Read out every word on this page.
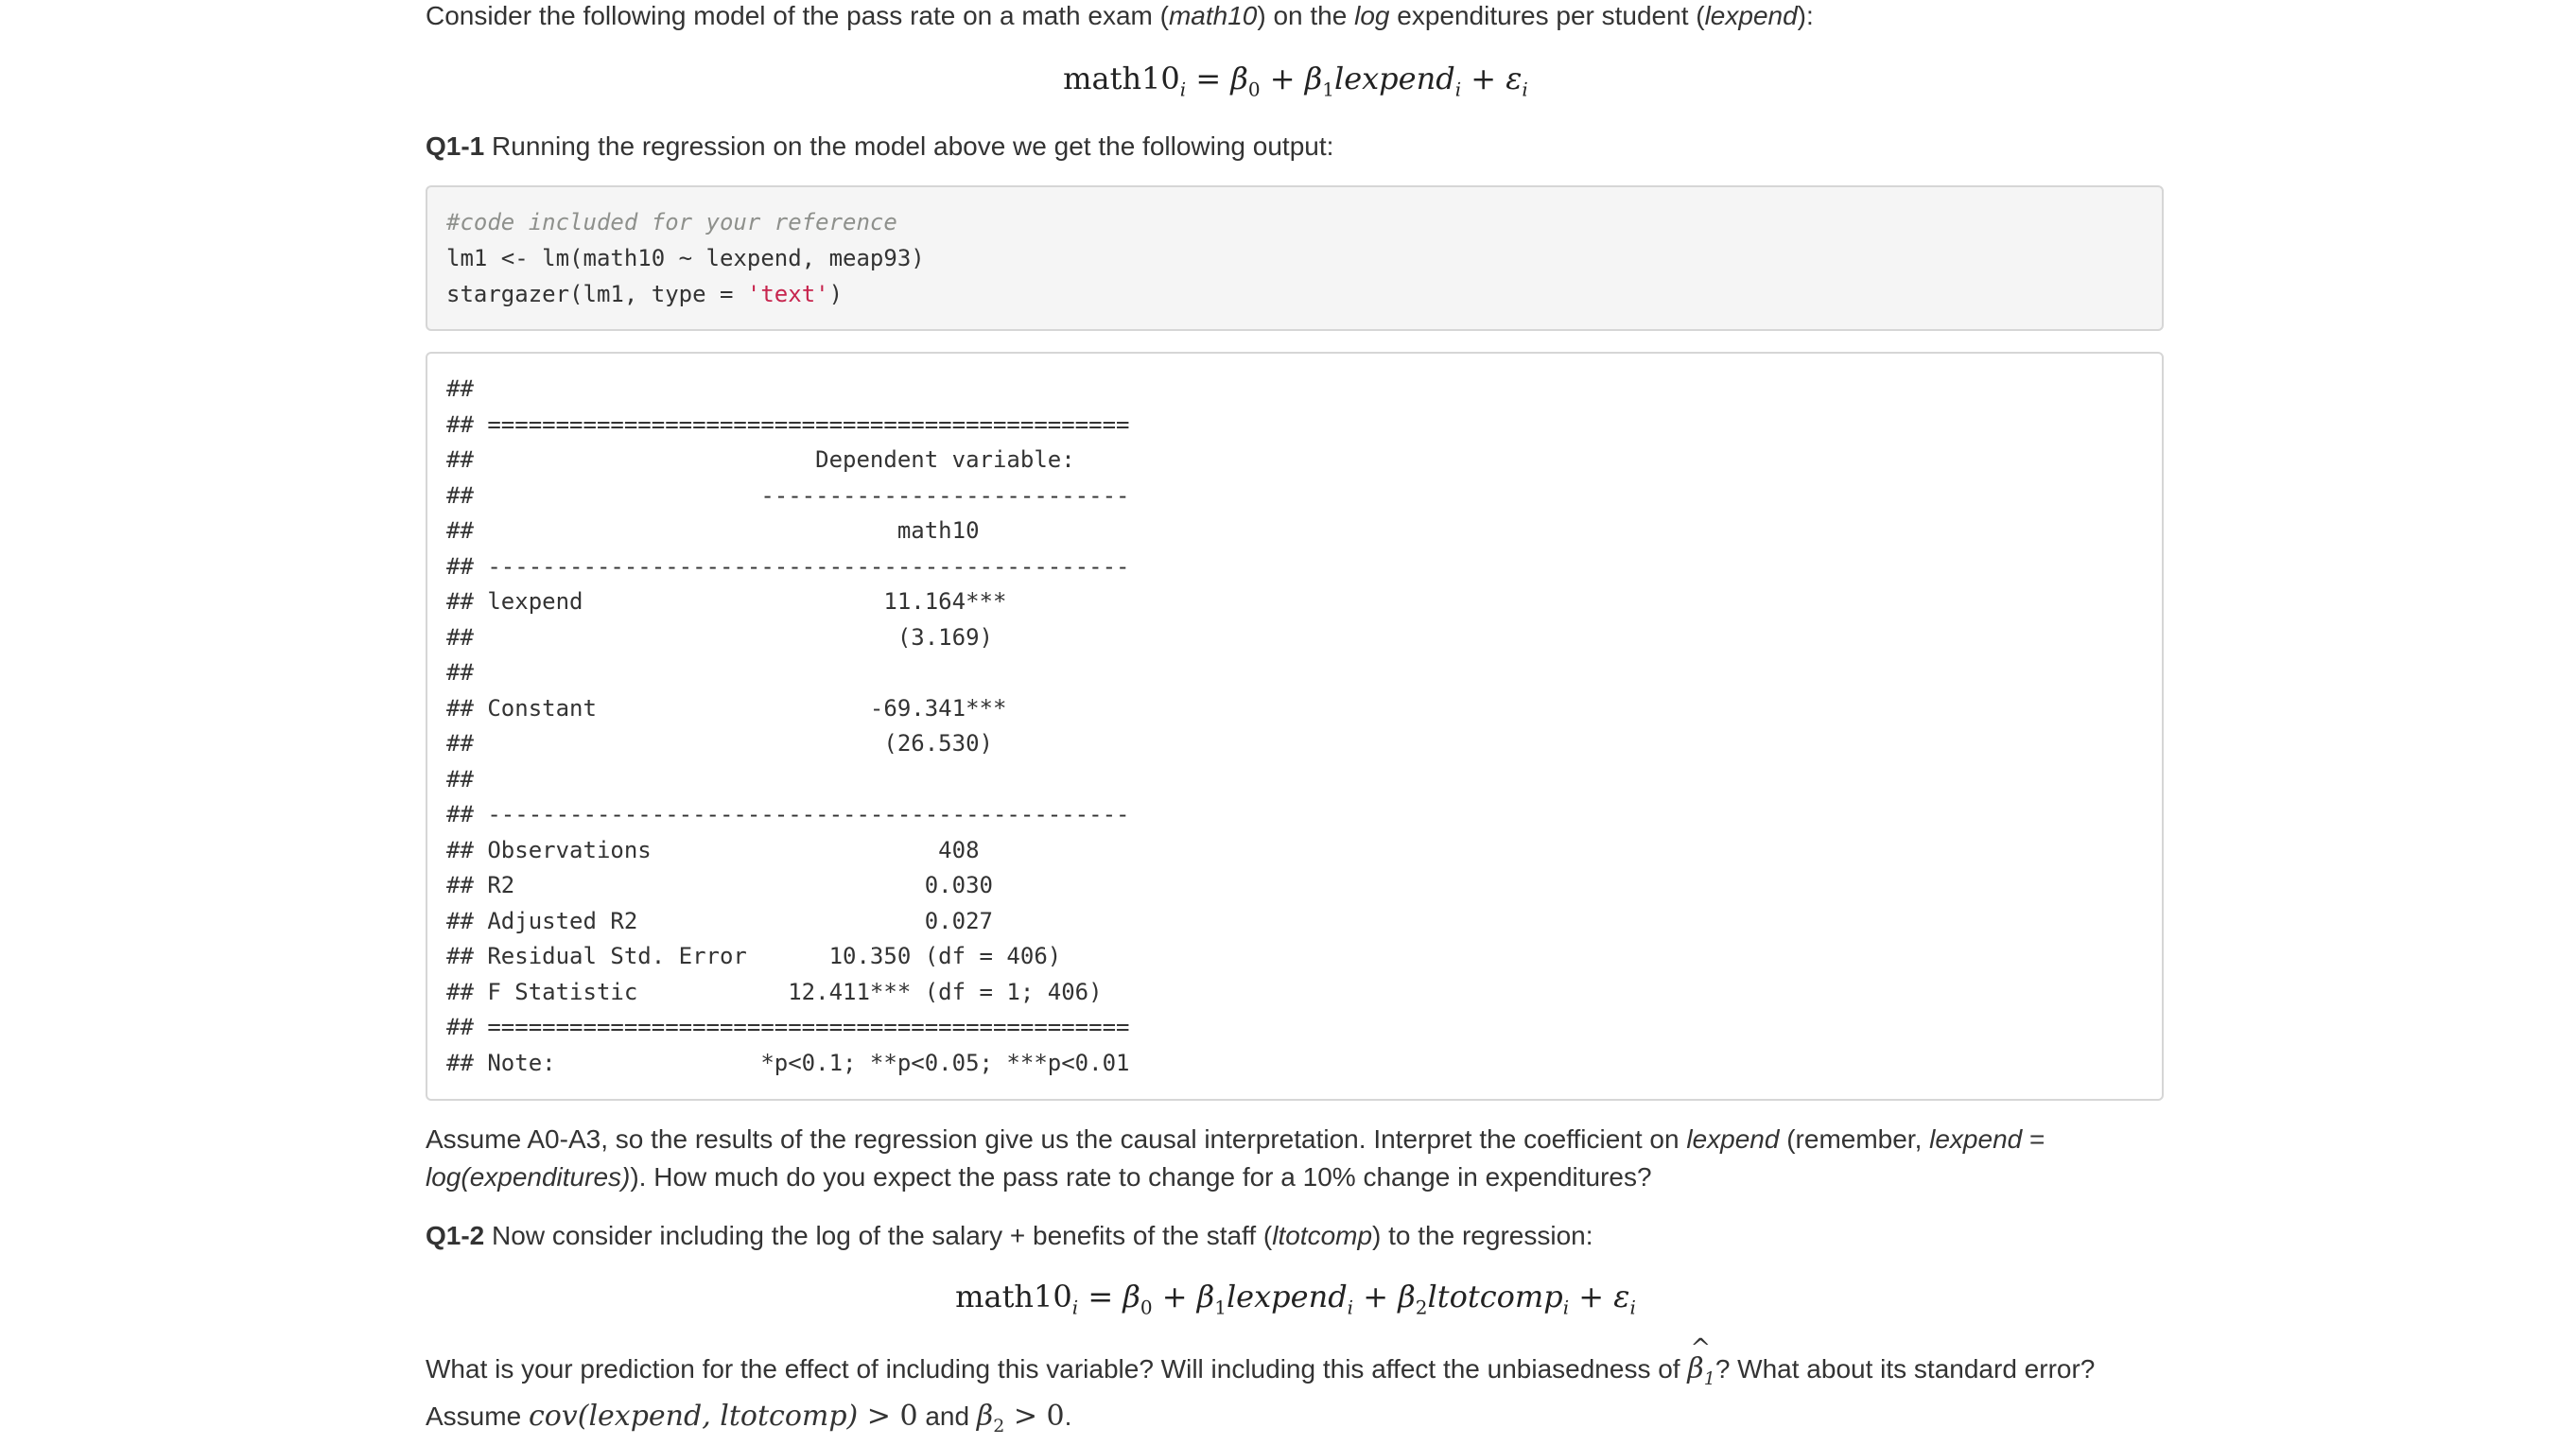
Consider the following model of the pass rate on a math exam (math10) on the log expenditures per student (lexpend):

$math10_i = \beta_0$ + $\beta_1lexpend_i + \varepsilon_i$

Q1-1 Running the regression on the model above we get the following output:

#code included for your reference
lm1 <- lm(math10 ~ lexpend, meap93)
stargazer(lm1, type = 'text')
##
## ===============================================
##                         Dependent variable:
##                     ---------------------------
##                               math10
## -----------------------------------------------
## lexpend                      11.164***
##                               (3.169)
##
## Constant                    -69.341***
##                              (26.530)
##
## -----------------------------------------------
## Observations                     408
## R2                              0.030
## Adjusted R2                     0.027
## Residual Std. Error      10.350 (df = 406)
## F Statistic           12.411*** (df = 1; 406)
## ===============================================
## Note:               *p<0.1; **p<0.05; ***p<0.01

Assume A0-A3, so the results of the regression give us the causal interpretation. Interpret the coefficient on lexpend (remember, lexpend =
log(expenditures)). How much do you expect the pass rate to change for a 10% change in expenditures?

Q1-2 Now consider including the log of the salary + benefits of the staff (ltotcomp) to the regression:

$math10_i = \beta_0$ + $\beta_1lexpend_i$ + $\beta_2ltotcomp_i + \varepsilon_i$

What is your prediction for the effect of including this variable? Will including this affect the unbiasedness of ^ $\beta_1$? What about its standard error?
Assume cov(lexpend, ltotcomp) > 0 and $\beta_2 > 0$.
